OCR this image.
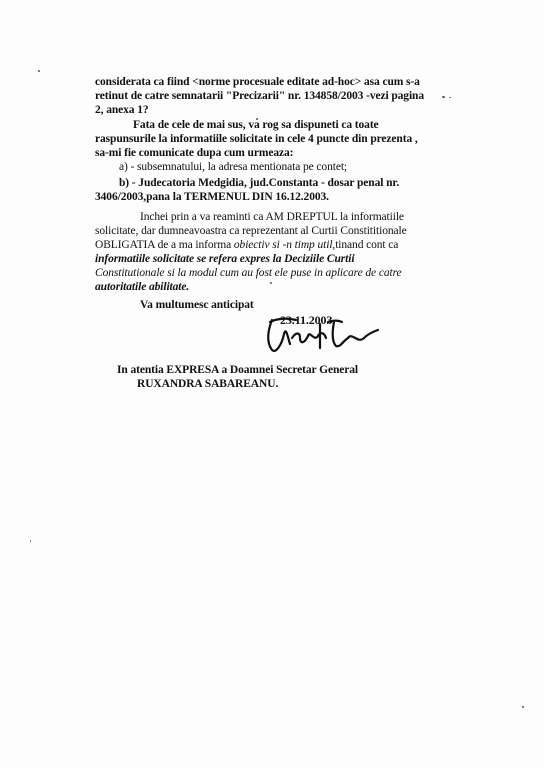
considerata ca fiind <norme procesuale editate ad-hoc> asa cum s-a
retinut de catre semnatarii "Precizarii" nr. 134858/2003 -vezi pagina
2, anexa 1?
Fata de cele de mai sus, va rog sa dispuneti ca toate
raspunsurile la informatiile solicitate in cele 4 puncte din prezenta ,
sa-mi fie comunicate dupa cum urmeaza:
a) - subsemnatului, la adresa mentionata pe contet;
b) - Judecatoria Medgidia, jud.Constanta - dosar penal nr.
3406/2003,pana la TERMENUL DIN 16.12.2003.
Inchei prin a va reaminti ca AM DREPTUL la informatiile
solicitate, dar dumneavoastra ca reprezentant al Curtii Constititionale
OBLIGATIA de a ma informa obiectiv si -n timp util,tinand cont ca
informatiile solicitate se refera expres la Deciziile Curtii
Constitutionale si la modul cum au fost ele puse in aplicare de catre
autoritatile abilitate.
Va multumesc anticipat
23.11.2003
In atentia EXPRESA a Doamnei Secretar General
RUXANDRA SABAREANU.
